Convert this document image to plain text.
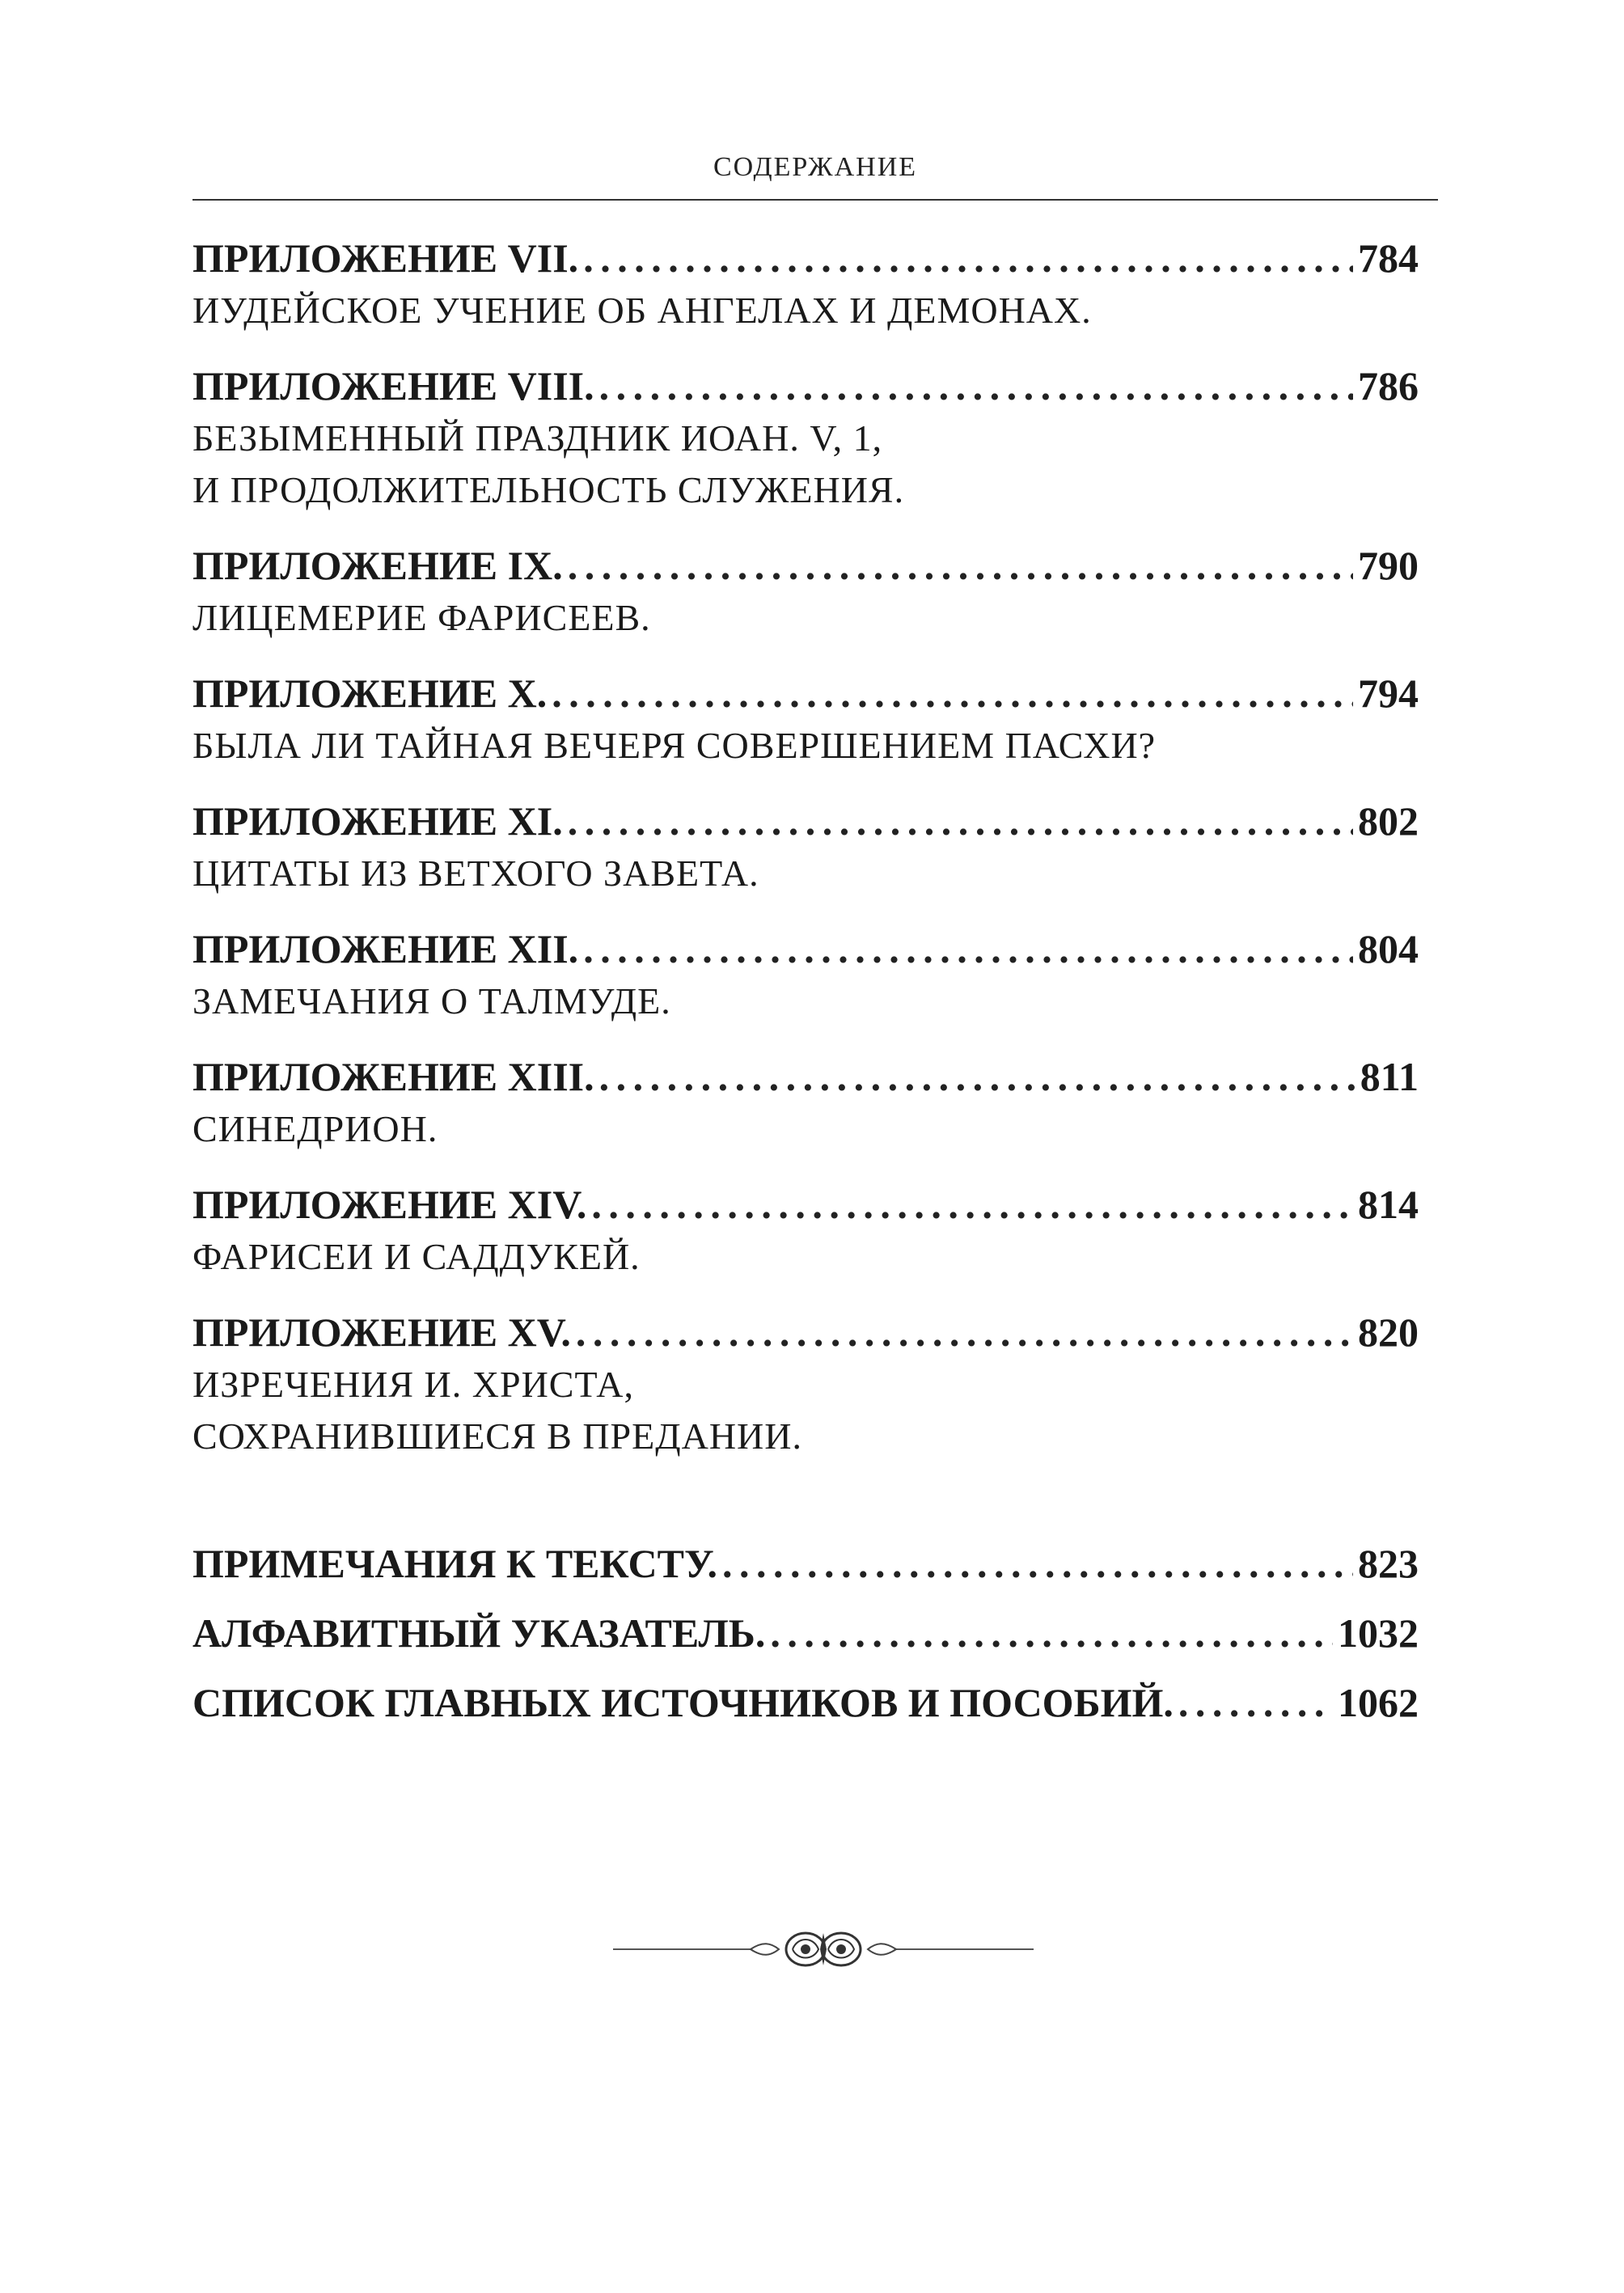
СОДЕРЖАНИЕ
ПРИЛОЖЕНИЕ VII. . . .	784
ИУДЕЙСКОЕ УЧЕНИЕ ОБ АНГЕЛАХ И ДЕМОНАХ.
ПРИЛОЖЕНИЕ VIII. . . .	786
БЕЗЫМЕННЫЙ ПРАЗДНИК ИОАН. V, 1,
И ПРОДОЛЖИТЕЛЬНОСТЬ СЛУЖЕНИЯ.
ПРИЛОЖЕНИЕ IX. . . .	790
ЛИЦЕМЕРИЕ ФАРИСЕЕВ.
ПРИЛОЖЕНИЕ X. . . .	794
БЫЛА ЛИ ТАЙНАЯ ВЕЧЕРЯ СОВЕРШЕНИЕМ ПАСХИ?
ПРИЛОЖЕНИЕ XI. . . .	802
ЦИТАТЫ ИЗ ВЕТХОГО ЗАВЕТА.
ПРИЛОЖЕНИЕ XII. . . .	804
ЗАМЕЧАНИЯ О ТАЛМУДЕ.
ПРИЛОЖЕНИЕ XIII. . . .	811
СИНЕДРИОН.
ПРИЛОЖЕНИЕ XIV. . . .	814
ФАРИСЕИ И САДДУКЕЙ.
ПРИЛОЖЕНИЕ XV. . . .	820
ИЗРЕЧЕНИЯ И. ХРИСТА,
СОХРАНИВШИЕСЯ В ПРЕДАНИИ.
ПРИМЕЧАНИЯ К ТЕКСТУ. . . .	823
АЛФАВИТНЫЙ УКАЗАТЕЛЬ. . . .	1032
СПИСОК ГЛАВНЫХ ИСТОЧНИКОВ И ПОСОБИЙ. . . .	1062
